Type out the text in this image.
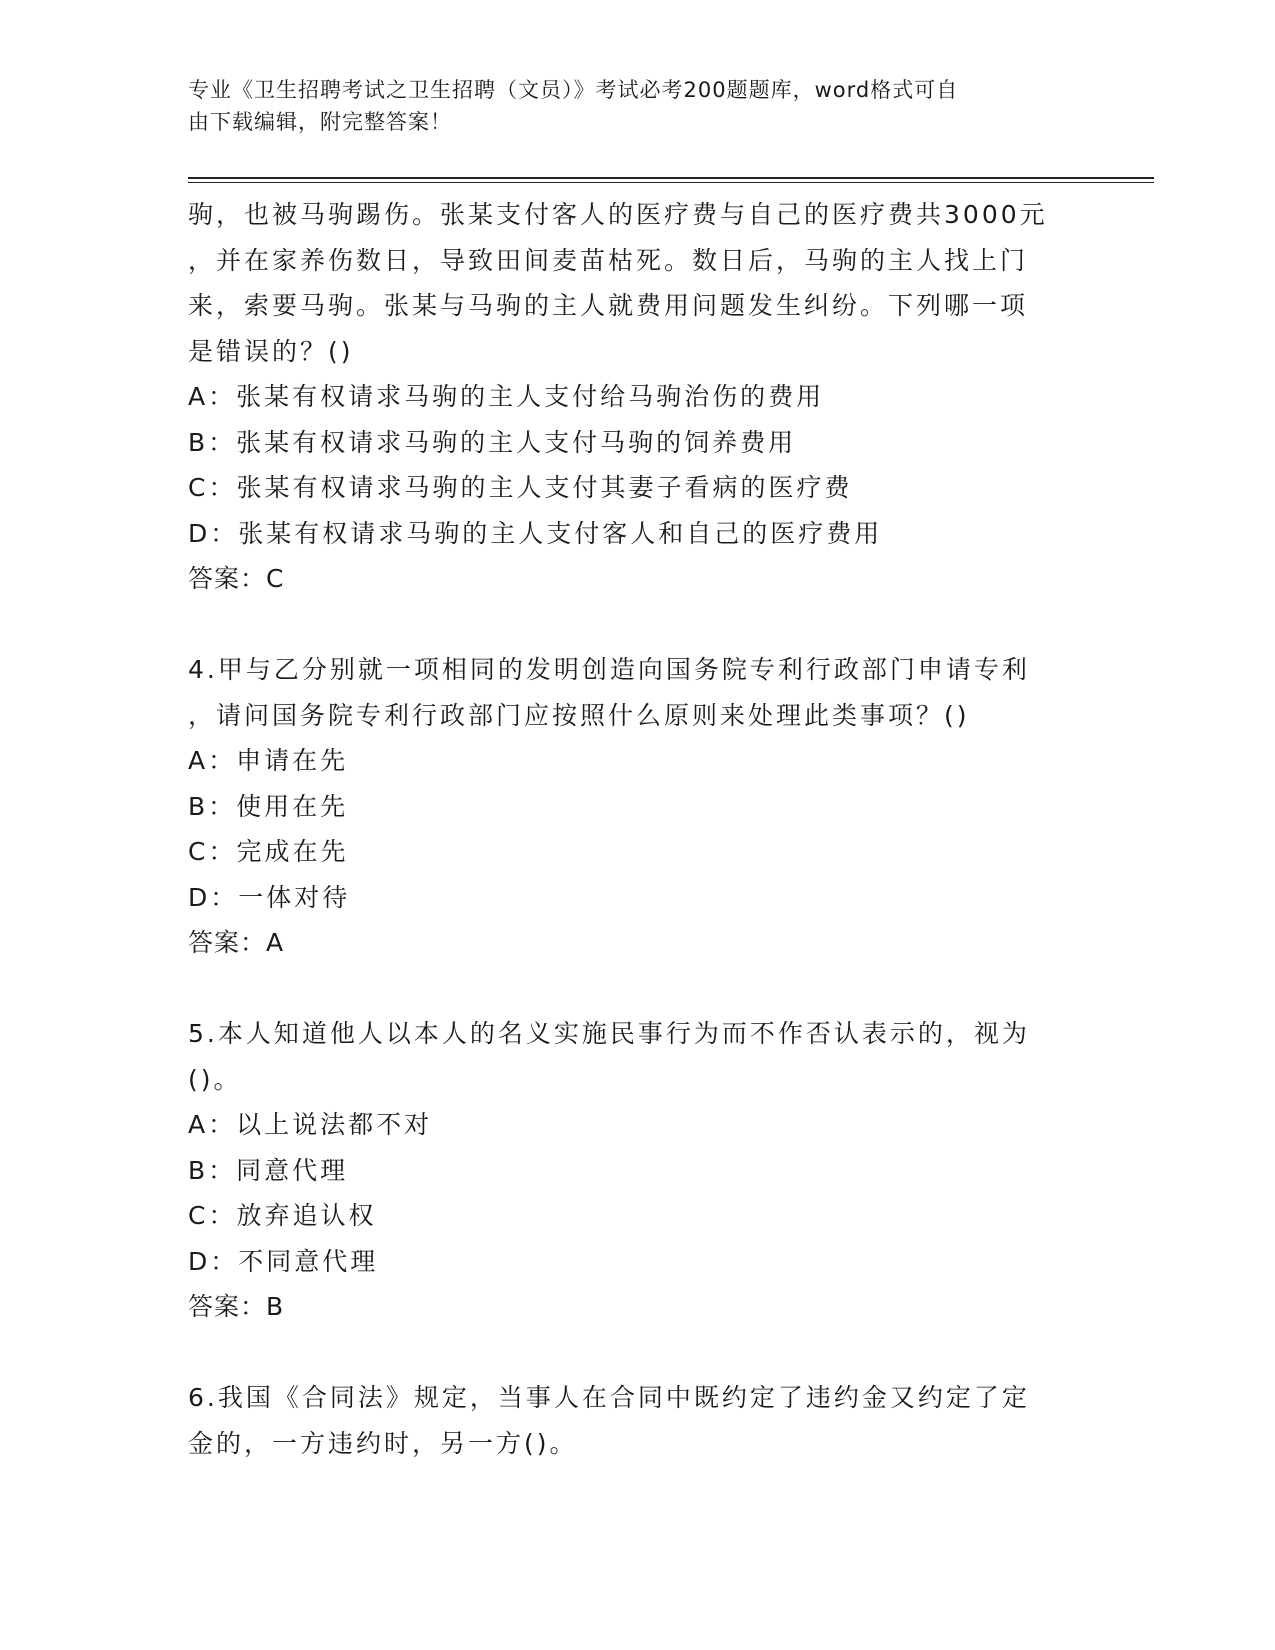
专业《卫生招聘考试之卫生招聘（文员）》考试必考200题题库，word格式可自
由下载编辑，附完整答案！
驹，也被马驹踢伤。张某支付客人的医疗费与自己的医疗费共3000元
，并在家养伤数日，导致田间麦苗枯死。数日后，马驹的主人找上门
来，索要马驹。张某与马驹的主人就费用问题发生纠纷。下列哪一项
是错误的？()
A：张某有权请求马驹的主人支付给马驹治伤的费用
B：张某有权请求马驹的主人支付马驹的饲养费用
C：张某有权请求马驹的主人支付其妻子看病的医疗费
D：张某有权请求马驹的主人支付客人和自己的医疗费用
答案：C
4.甲与乙分别就一项相同的发明创造向国务院专利行政部门申请专利
，请问国务院专利行政部门应按照什么原则来处理此类事项？()
A：申请在先
B：使用在先
C：完成在先
D：一体对待
答案：A
5.本人知道他人以本人的名义实施民事行为而不作否认表示的，视为
()。
A：以上说法都不对
B：同意代理
C：放弃追认权
D：不同意代理
答案：B
6.我国《合同法》规定，当事人在合同中既约定了违约金又约定了定
金的，一方违约时，另一方()。
